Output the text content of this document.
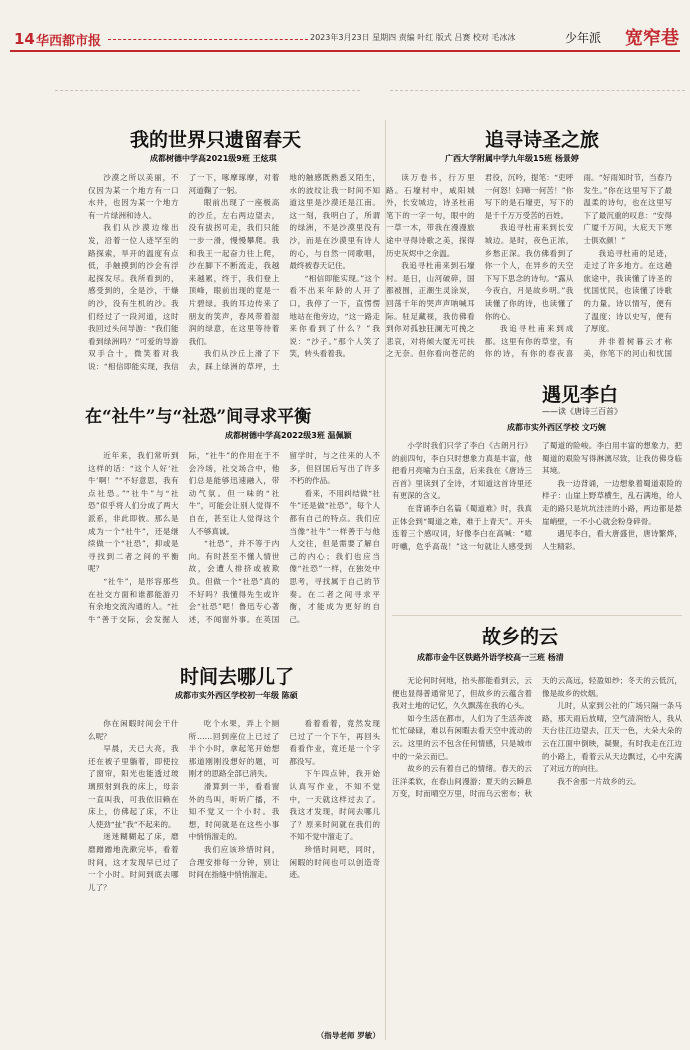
14 华西都市报	2023年3月23日 星期四 责编 叶红 版式 吕赛 校对 毛冰冰	少年派 宽窄巷
我的世界只遗留春天
成都树德中学高2021级9班 王炫琪

沙漠之所以美丽，不仅因为某一个地方有一口水井，也因为某一个地方有一片绿洲和诗人。

我们从沙漠边缘出发，沿着一位人迹罕至的路探索，旱开的温度有点低，手触摸到的沙会有浮起探发尽。我所看到的，感受到的，全是沙，干燥的沙，没有生机的沙。我们经过了一段河道，这时我回过头问导游：“我们能看到绿洲吗？”可爱的导游双手合十，微笑着对我说：“相信即能实现，我信了一下，啄摩琢摩，对着河道鞠了一躬。

眼前出现了一座极高的沙丘，左右两边望去，没有拔拐可走，我们只能一步一滑，慢慢攀爬。我和我王一起奋力往上爬，沙在脚下不断流走，我越来越累，终于，我们登上顶峰，眼前出现的竟是一片碧绿。我的耳边传来了朋友的笑声，春风带着湿润的绿意，在这里等待着我们。

我们从沙丘上滑了下去，踩上绿洲的草坪，土地的触感既熟悉又陌生，水的波纹让我一时间不知道这里是沙漠还是江南。这一刻，我明白了，所谓的绿洲，不是沙漠里没有沙，而是在沙漠里有诗人的心，与自然一同歌唱，最终被春天记住。

“相信即能实现。”这个看不出来年龄的人开了口，我停了一下，直愣愣地站在他旁边，“这一路走来你看到了什么？”我说：“沙子。”那个人笑了笑，转头看着我。

追寻诗圣之旅
广西大学附属中学九年级15班 杨景婷

读万卷书，行万里路。石壕村中，咸阳城外，长安城边，诗圣杜甫笔下的一字一句，眼中的一草一木，带我在漫漫旅途中寻得诗歌之美，探得历史灰烬中之余温。

我追寻杜甫来到石壕村。是日，山河破碎，国都被围，正潮生灵涂炭，回荡千年的哭声声呐喊耳际。驻足藏视，我仿佛看到你对孤独狂澜无可挽之悲哀，对将倾大厦无可扶之无奈。但你看向苍茫的君役，沉吟，提笔：“吏呼一何怒！妇啼一何苦！”你写下的是石壕吏，写下的是千千万万受苦的百姓。

我追寻杜甫来到长安城边。是时，夜色正浓，乡愁正深。我仿佛看到了你一个人，在异乡的天空下写下思念的诗句。“露从今夜白，月是故乡明。”我读懂了你的诗，也读懂了你的心。

我追寻杜甫来到成都。这里有你的草堂，有你的诗，有你的春夜喜雨。“好雨知时节，当春乃发生。”你在这里写下了最温柔的诗句，也在这里写下了最沉重的叹息：“安得广厦千万间，大庇天下寒士俱欢颜！”

我追寻杜甫的足迹，走过了许多地方。在这趟旅途中，我读懂了诗圣的忧国忧民，也读懂了诗歌的力量。诗以情写，便有了温度；诗以史写，便有了厚度。

并非着树暮云才称美，你笔下的河山和忧国

遇见李白
——读《唐诗三百首》
成都市实外西区学校 文巧婉

小学时我们只学了李白《古朗月行》的前四句，李白只时想象力真是丰富，他把看月亮喻为白玉盘，后来我在《唐诗三百首》里读到了全诗，才知道这首诗里还有更深的含义。

在背诵李白名篇《蜀道难》时，我真正体会到“蜀道之难，难于上青天”。开头连着三个感叹词，好像李白在高喊：“噫吁嚱，危乎高哉！”这一句就让人感受到了蜀道的险峻。李白用丰富的想象力，把蜀道的艰险写得淋漓尽致，让我仿佛身临其境。

我一边背诵，一边想象着蜀道艰险的样子：山崖上野草横生，乱石满地，给人走的路只是坑坑洼洼的小路，两边都是悬崖峭壁，一不小心就会粉身碎骨。

遇见李白，看大唐盛世，唐诗繁烨，人生精彩。

在“社牛”与“社恐”间寻求平衡
成都树德中学高2022级3班 温佩颖

近年来，我们常听到这样的话：“这个人好‘社牛’啊！”“不好意思，我有点社恐。”“社牛”与“社恐”似乎将人们分成了两大派系，非此即彼。那么是成为一个“社牛”，还是继续做一个“社恐”，抑或是寻找到二者之间的平衡呢？

“社牛”，是形容那些在社交方面和谁都能游刃有余地交流沟通的人。“社牛”善于交际，会发掘人际，“社牛”的作用在于不会冷场，社交场合中，他们总是能够迅速融入，带动气氛。但一味的“社牛”，可能会让别人觉得不自在，甚至让人觉得这个人不够真诚。

“社恐”，并不等于内向。有时甚至不懂人情世故，会遭人排挤或被欺负。但做一个“社恐”真的不好吗？我懂得先生或许会“社恐”吧！鲁迅专心著述，不闻窗外事。在英国留学时，与之往来的人不多，但回国后写出了许多不朽的作品。

看来，不用纠结做“社牛”还是做“社恐”，每个人都有自己的特点。我们应当像“社牛”一样善于与他人交往，但是需要了解自己的内心；我们也应当像“社恐”一样，在独处中思考，寻找属于自己的节奏。在二者之间寻求平衡，才能成为更好的自己。

时间去哪儿了
成都市实外西区学校初一年级 陈硕

你在闲暇时间会干什么呢？

早晨，天已大亮，我还在被子里躺着，即使拉了窗帘，阳光也能透过玻璃照射到我的床上，母亲一直叫我，可我依旧赖在床上，仿佛起了床，不让人使劲“扯”我“不起来的。

迷迷糊糊起了床，磨磨蹭蹭地洗漱完毕，看着时间，这才发现早已过了一个小时。时间到底去哪儿了？

吃个水果，弄上个厕所……回到座位上已过了半个小时，拿起笔开始想那道刚刚没想好的题，可刚才的思路全部已消失。

滑算到一半，看看窗外的鸟叫，听听广播，不知不觉又一个小时。我想，时间就是在这些小事中悄悄溜走的。

我们应该珍惜时间，合理安排每一分钟，别让时间在指缝中悄悄溜走。

看着看着，竟然发现已过了一个下午，再回头看看作业，竟还是一个字都没写。

下午四点钟，我开始认真写作业，不知不觉中，一天就这样过去了。我这才发现，时间去哪儿了？原来时间就在我们的不知不觉中溜走了。

珍惜时间吧，同时，闲暇的时间也可以创造奇迹。

（指导老师 罗敏）
故乡的云
成都市金牛区铁路外语学校高一三班 杨清

无论何时何地，抬头都能看到云，云便也显得普通常见了，但故乡的云蕴含着我对土地的记忆，久久飘荡在我的心头。

如今生活在都市，人们为了生活奔波忙忙碌碌，难以有闲暇去看天空中流动的云。这里的云不包含任何情感，只是城市中的一朵云而已。

故乡的云有着自己的情绪。春天的云汪洋柔软，在春山间漫游；夏天的云瞬息万变，时而晴空万里，时而乌云密布；秋天的云高远，轻盈如纱；冬天的云低沉，像是故乡的炊烟。

儿时，从家到公社的广场只隔一条马路，那天雨后放晴，空气清润怡人，我从天台往江边望去，江天一色，大朵大朵的云在江面中倒映，凝聚，有时我走在江边的小路上，看着云从天边飘过，心中充满了对远方的向往。

我不舍那一片故乡的云。
